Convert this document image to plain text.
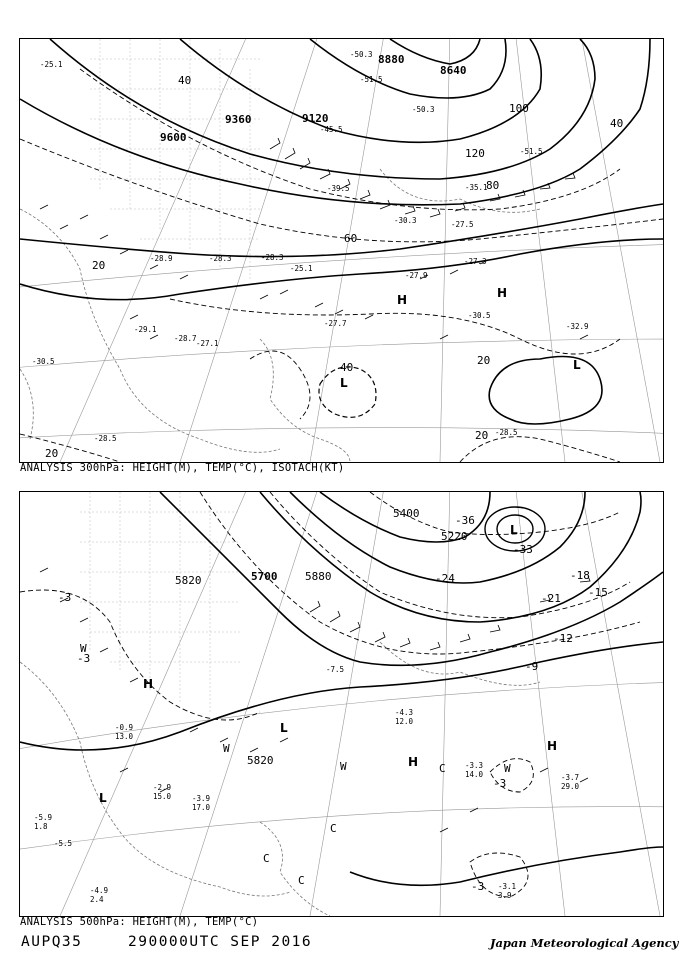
9600
9360	9120
8880
8640
20
40
60
80
100
120
40
20
20
40
20
H	H
L
L
-29.1
-28.7
-27.1
-28.3
-27.5
-27.9
-27.3
-30.5
-32.9
-28.5
-25.1
-27.7
-45.5
-50.3
-51.5
-35.1
-39.5
-30.3
-28.3
-28.9
-50.3
-51.5
-25.1
-30.5
-28.5
ANALYSIS 300hPa: HEIGHT(M), TEMP(°C), ISOTACH(KT)
5820	5700	5880
5820
5400
5220
-3
-3
-3
-3
-9
-12
-15
-18
-21
-24
-33
-36
H
H
H
L
L
L
W
W
W	W
C
C
C
C
-3.3
14.0	-3.7
29.0
-3.1
3.9
-4.9
2.4
-2.9
15.0
-5.9
1.8
-0.9
13.0
-3.9
17.0
-5.5
-7.5
-4.3
12.0
ANALYSIS 500hPa: HEIGHT(M), TEMP(°C)
AUPQ35	290000UTC SEP 2016	Japan Meteorological Agency
